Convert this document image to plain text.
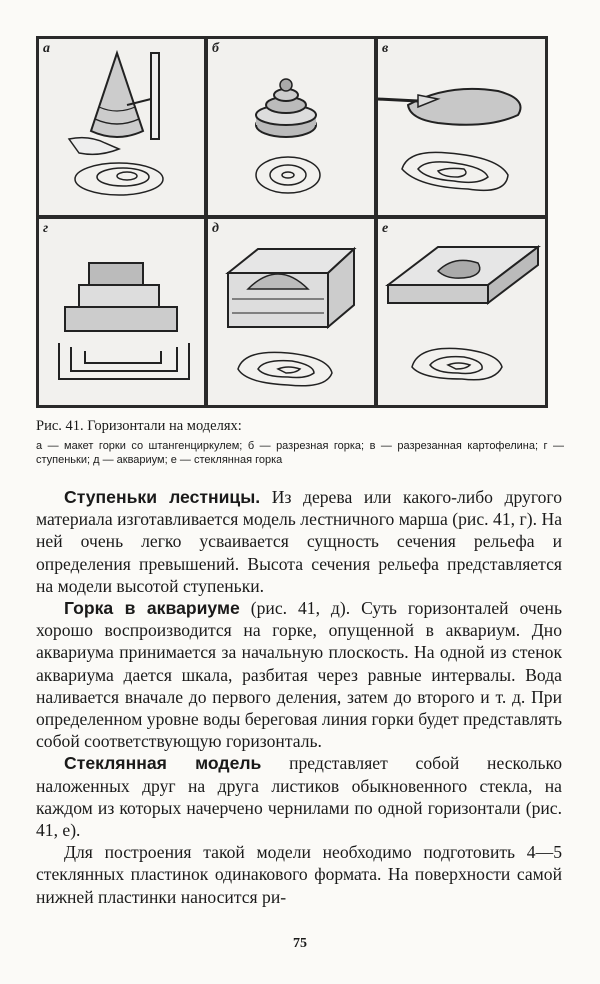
а	б	в
г	д	е

Рис. 41. Горизонтали на моделях:

а — макет горки со штангенциркулем; б — разрезная горка; в — разрезанная картофелина; г — ступеньки; д — аквариум; е — стеклянная горка

Ступеньки лестницы. Из дерева или какого-либо другого материала изготавливается модель лестничного марша (рис. 41, г). На ней очень легко усваивается сущность сечения рельефа и определения превышений. Высота сечения рельефа представляется на модели высотой ступеньки.

Горка в аквариуме (рис. 41, д). Суть горизонталей очень хорошо воспроизводится на горке, опущенной в аквариум. Дно аквариума принимается за начальную плоскость. На одной из стенок аквариума дается шкала, разбитая через равные интервалы. Вода наливается вначале до первого деления, затем до второго и т. д. При определенном уровне воды береговая линия горки будет представлять собой соответствующую горизонталь.

Стеклянная модель представляет собой несколько наложенных друг на друга листиков обыкновенного стекла, на каждом из которых начерчено чернилами по одной горизонтали (рис. 41, е).

Для построения такой модели необходимо подготовить 4—5 стеклянных пластинок одинакового формата. На поверхности самой нижней пластинки наносится ри-

75
